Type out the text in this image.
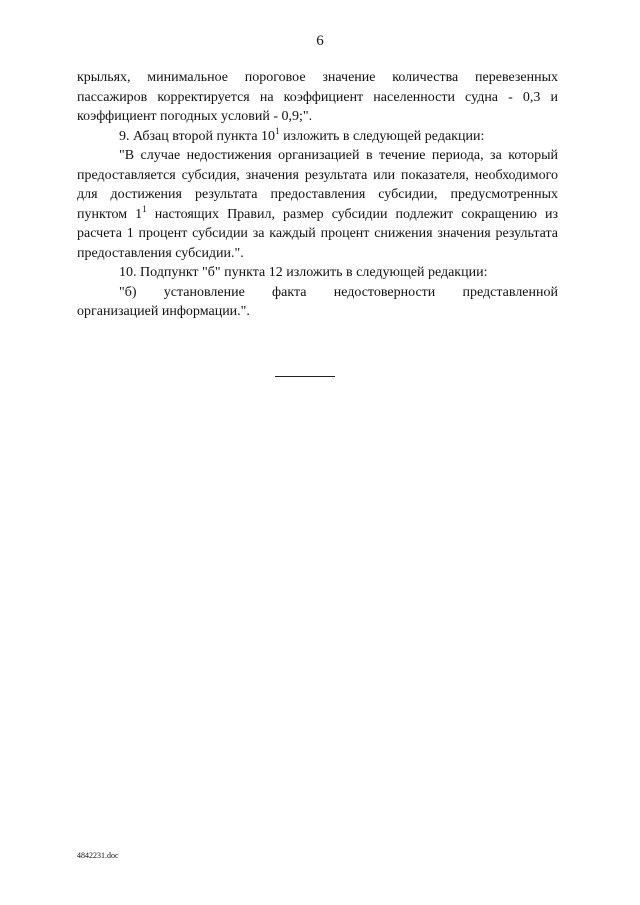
6

крыльях, минимальное пороговое значение количества перевезенных пассажиров корректируется на коэффициент населенности судна - 0,3 и коэффициент погодных условий - 0,9;".

9. Абзац второй пункта $10^1$ изложить в следующей редакции:

"В случае недостижения организацией в течение периода, за который предоставляется субсидия, значения результата или показателя, необходимого для достижения результата предоставления субсидии, предусмотренных пунктом $1^1$ настоящих Правил, размер субсидии подлежит сокращению из расчета 1 процент субсидии за каждый процент снижения значения результата предоставления субсидии.".

10. Подпункт "б" пункта 12 изложить в следующей редакции:

"б) установление факта недостоверности представленной

организацией информации.".

4842231.doc
